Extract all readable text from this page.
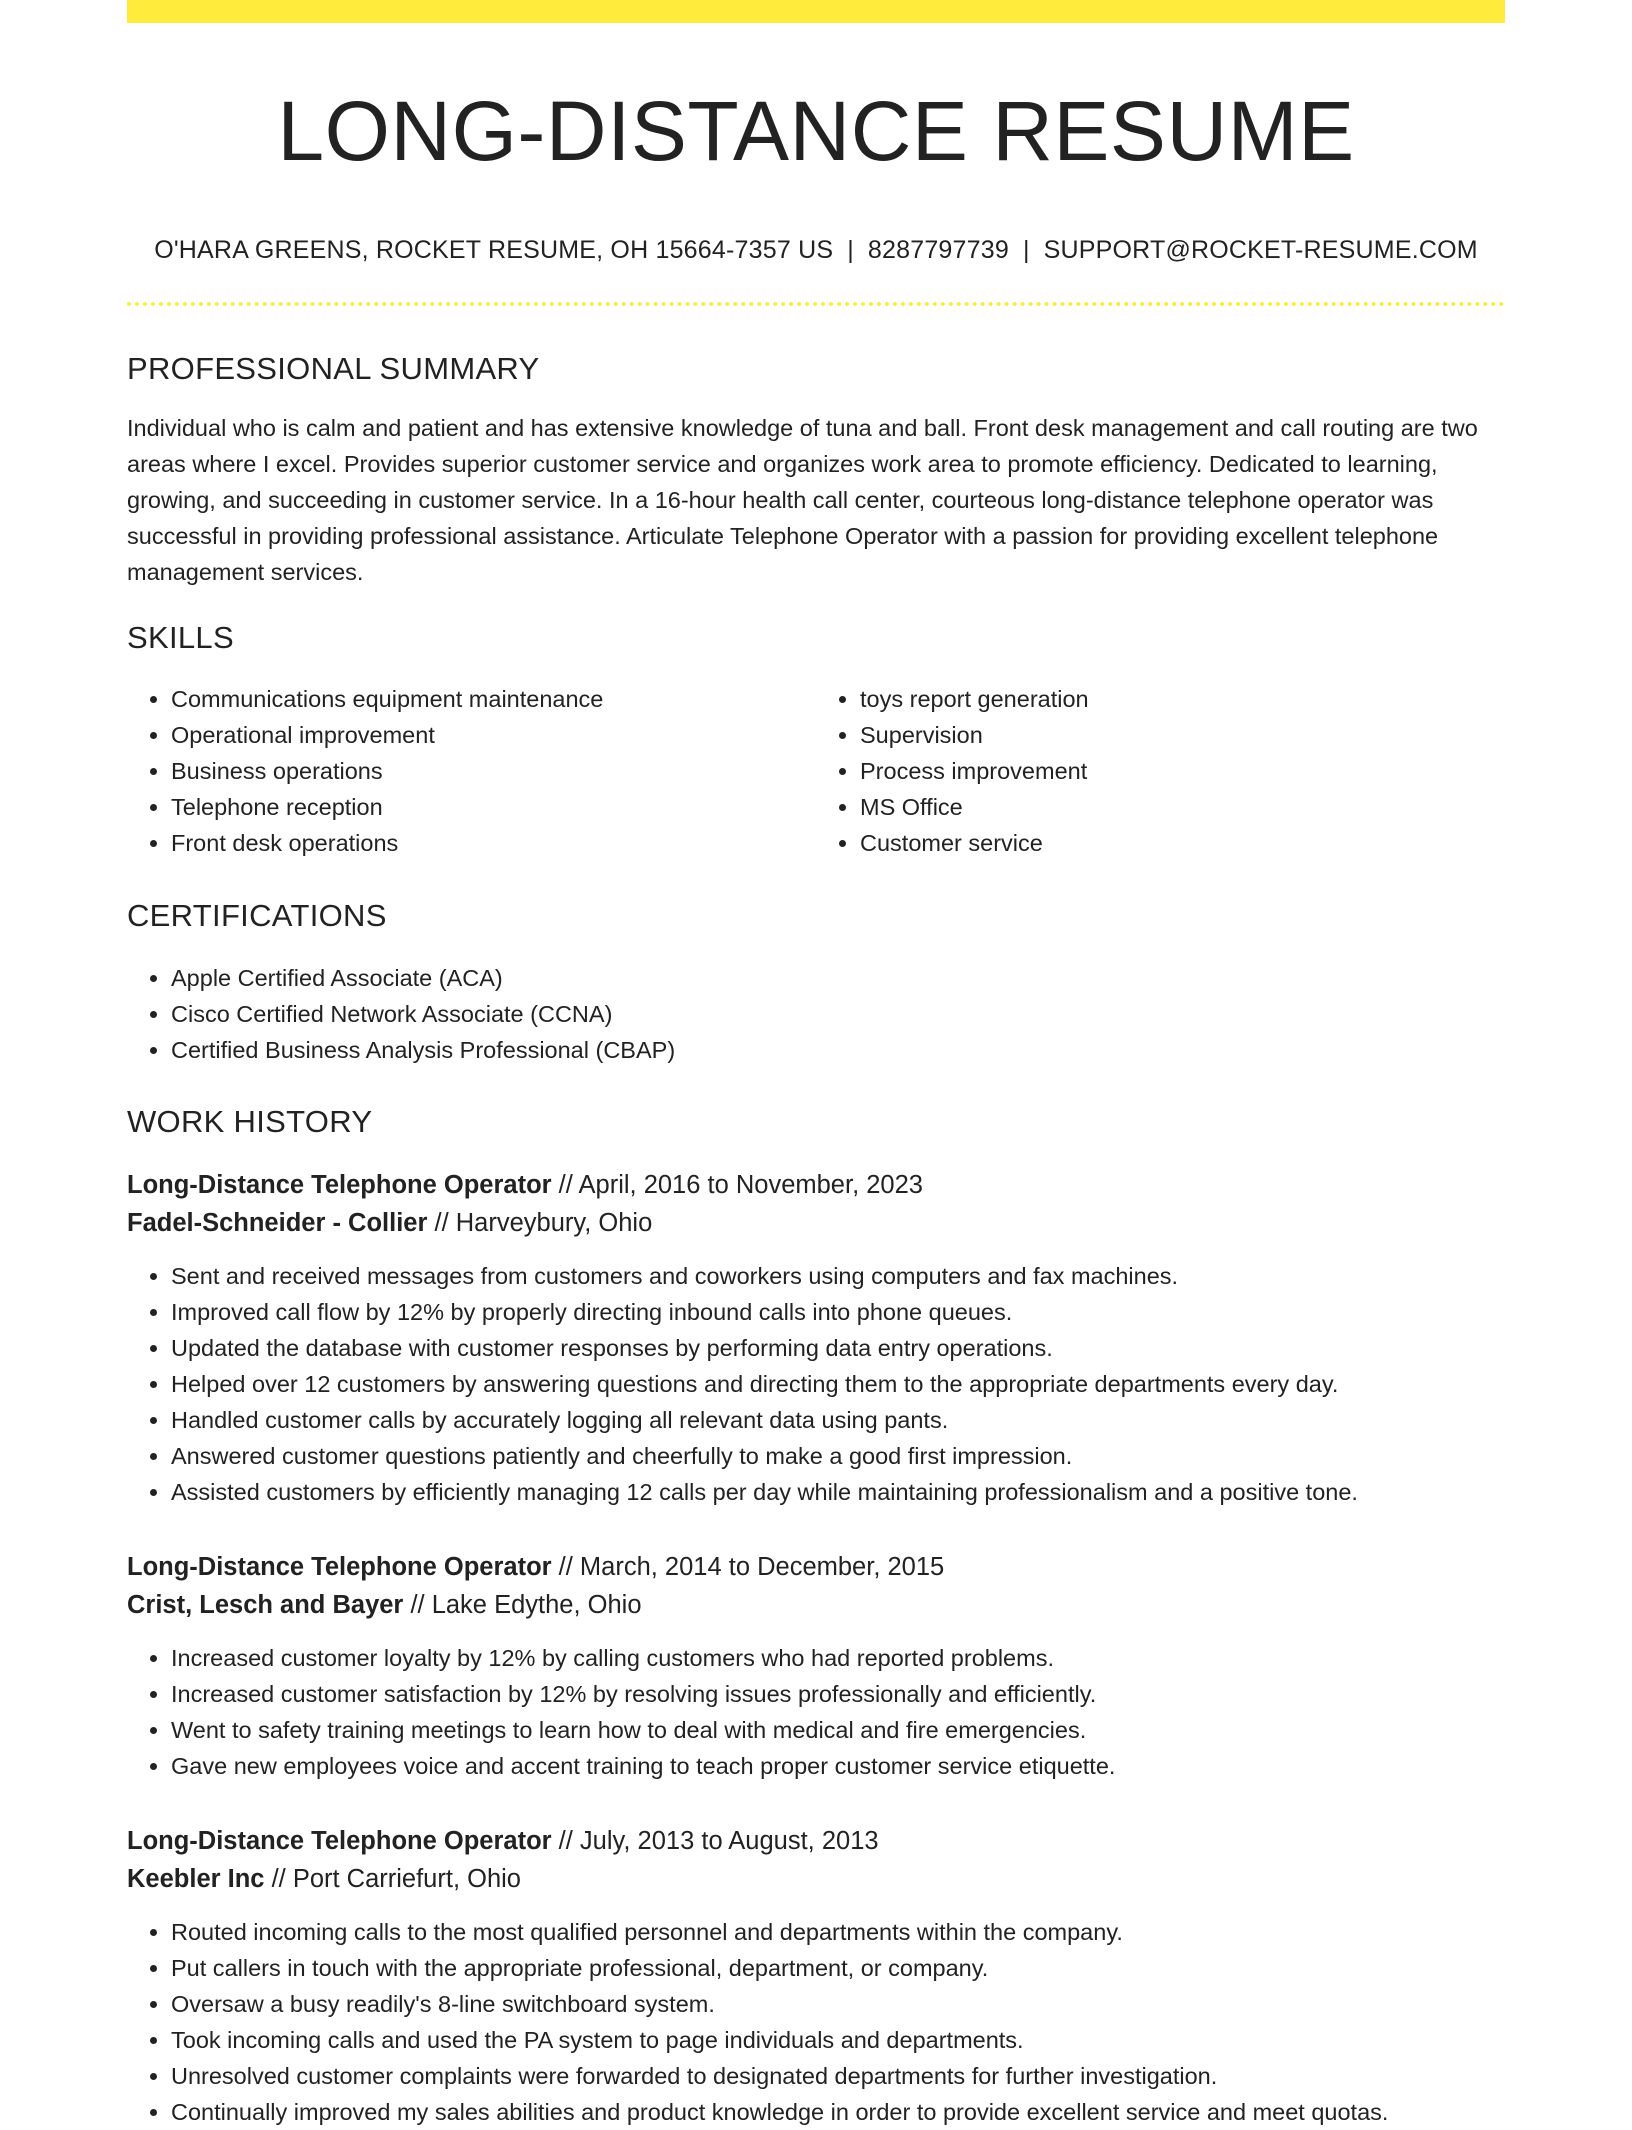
LONG-DISTANCE RESUME
O'HARA GREENS, ROCKET RESUME, OH 15664-7357 US | 8287797739 | SUPPORT@ROCKET-RESUME.COM
PROFESSIONAL SUMMARY
Individual who is calm and patient and has extensive knowledge of tuna and ball. Front desk management and call routing are two areas where I excel. Provides superior customer service and organizes work area to promote efficiency. Dedicated to learning, growing, and succeeding in customer service. In a 16-hour health call center, courteous long-distance telephone operator was successful in providing professional assistance. Articulate Telephone Operator with a passion for providing excellent telephone management services.
SKILLS
• Communications equipment maintenance
• Operational improvement
• Business operations
• Telephone reception
• Front desk operations
• toys report generation
• Supervision
• Process improvement
• MS Office
• Customer service
CERTIFICATIONS
• Apple Certified Associate (ACA)
• Cisco Certified Network Associate (CCNA)
• Certified Business Analysis Professional (CBAP)
WORK HISTORY
Long-Distance Telephone Operator // April, 2016 to November, 2023
Fadel-Schneider - Collier // Harveybury, Ohio
• Sent and received messages from customers and coworkers using computers and fax machines.
• Improved call flow by 12% by properly directing inbound calls into phone queues.
• Updated the database with customer responses by performing data entry operations.
• Helped over 12 customers by answering questions and directing them to the appropriate departments every day.
• Handled customer calls by accurately logging all relevant data using pants.
• Answered customer questions patiently and cheerfully to make a good first impression.
• Assisted customers by efficiently managing 12 calls per day while maintaining professionalism and a positive tone.
Long-Distance Telephone Operator // March, 2014 to December, 2015
Crist, Lesch and Bayer // Lake Edythe, Ohio
• Increased customer loyalty by 12% by calling customers who had reported problems.
• Increased customer satisfaction by 12% by resolving issues professionally and efficiently.
• Went to safety training meetings to learn how to deal with medical and fire emergencies.
• Gave new employees voice and accent training to teach proper customer service etiquette.
Long-Distance Telephone Operator // July, 2013 to August, 2013
Keebler Inc // Port Carriefurt, Ohio
• Routed incoming calls to the most qualified personnel and departments within the company.
• Put callers in touch with the appropriate professional, department, or company.
• Oversaw a busy readily's 8-line switchboard system.
• Took incoming calls and used the PA system to page individuals and departments.
• Unresolved customer complaints were forwarded to designated departments for further investigation.
• Continually improved my sales abilities and product knowledge in order to provide excellent service and meet quotas.
